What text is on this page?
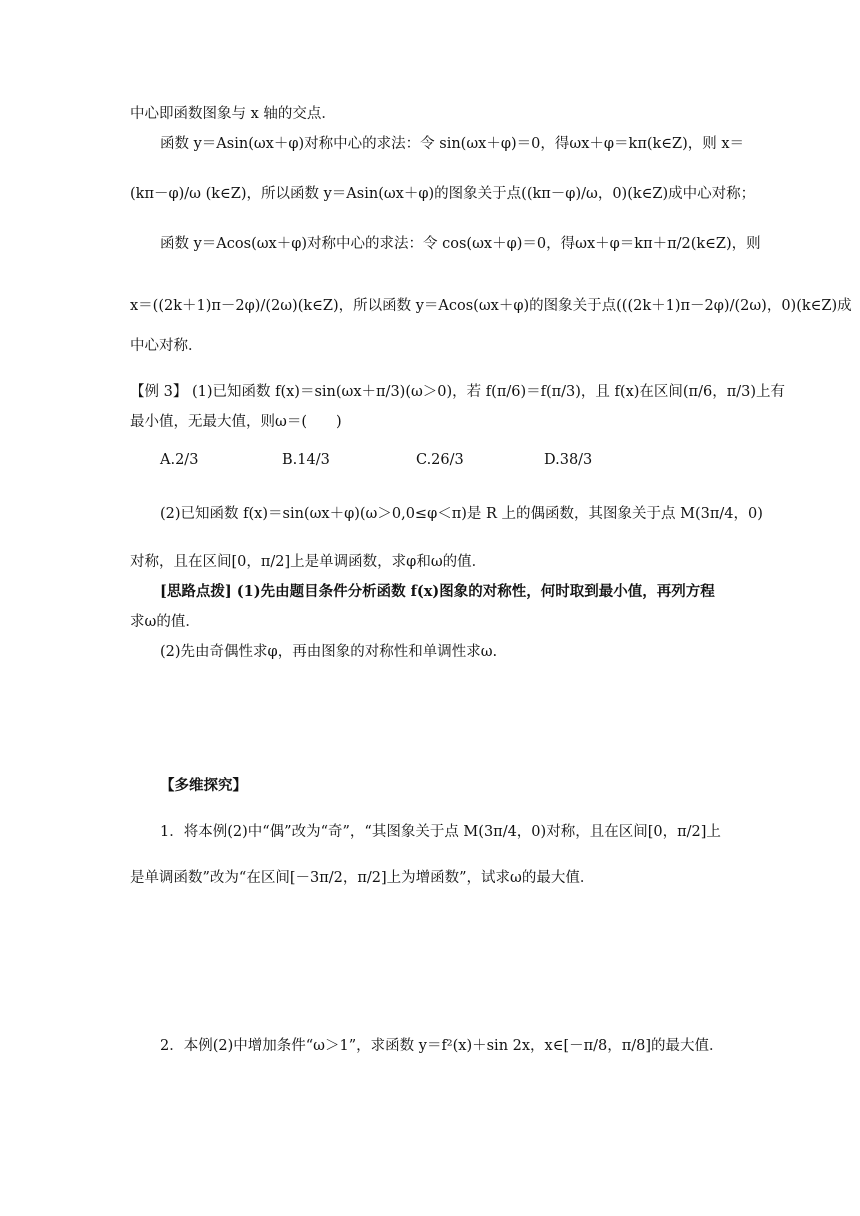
中心即函数图象与 x 轴的交点．
函数 y＝Asin(ωx＋φ)对称中心的求法：令 sin(ωx＋φ)＝0，得ωx＋φ＝kπ(k∈Z)，则 x＝
(kπ－φ)/ω (k∈Z)，所以函数 y＝Asin(ωx＋φ)的图象关于点((kπ－φ)/ω，0)(k∈Z)成中心对称；
函数 y＝Acos(ωx＋φ)对称中心的求法：令 cos(ωx＋φ)＝0，得ωx＋φ＝kπ＋π/2(k∈Z)，则
x＝((2k＋1)π－2φ)/(2ω)(k∈Z)，所以函数 y＝Acos(ωx＋φ)的图象关于点(((2k＋1)π－2φ)/(2ω)，0)(k∈Z)成
中心对称．
【例 3】 (1)已知函数 f(x)＝sin(ωx＋π/3)(ω＞0)，若 f(π/6)＝f(π/3)，且 f(x)在区间(π/6，π/3)上有
最小值，无最大值，则ω＝(　　)
A.2/3	B.14/3	C.26/3	D.38/3
(2)已知函数 f(x)＝sin(ωx＋φ)(ω＞0,0≤φ＜π)是 R 上的偶函数，其图象关于点 M(3π/4，0)
对称，且在区间[0，π/2]上是单调函数，求φ和ω的值．
[思路点拨] (1)先由题目条件分析函数 f(x)图象的对称性，何时取到最小值，再列方程
求ω的值．
(2)先由奇偶性求φ，再由图象的对称性和单调性求ω.
【多维探究】
1．将本例(2)中“偶”改为“奇”，“其图象关于点 M(3π/4，0)对称，且在区间[0，π/2]上
是单调函数”改为“在区间[－3π/2，π/2]上为增函数”，试求ω的最大值．
2．本例(2)中增加条件“ω＞1”，求函数 y＝f²(x)＋sin 2x，x∈[－π/8，π/8]的最大值．
